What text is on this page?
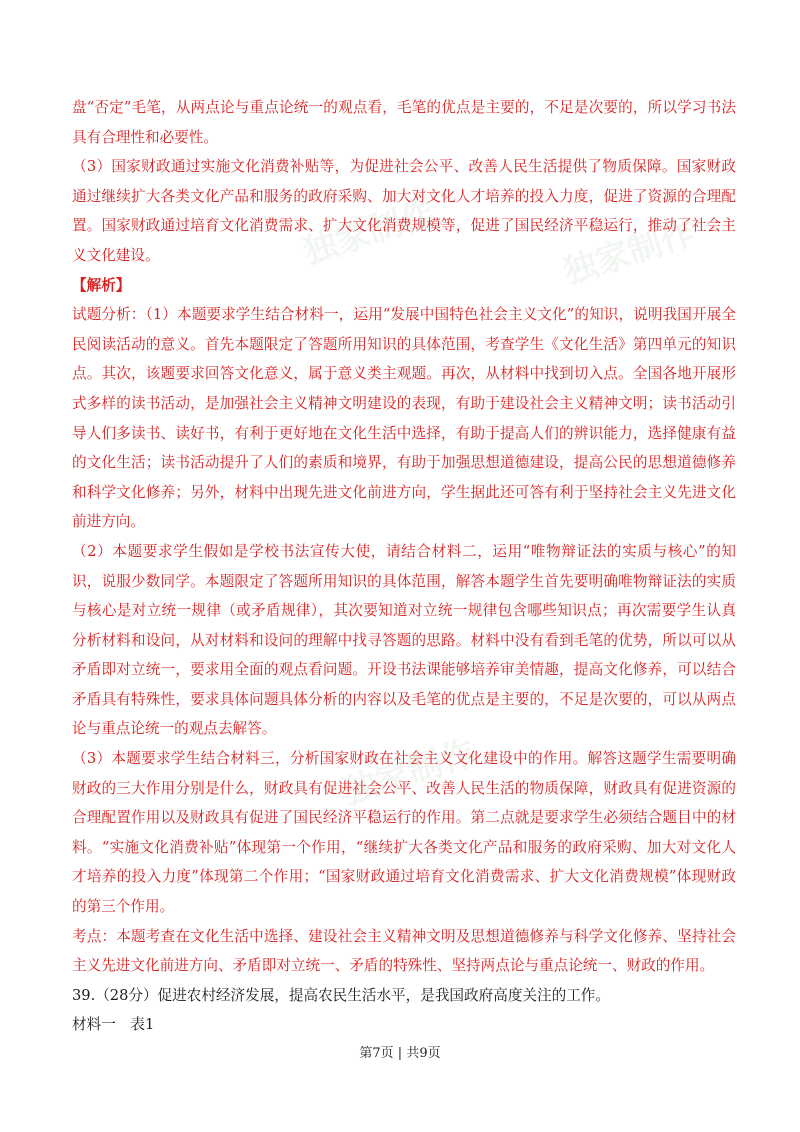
独家制作	独家制作
独家制作

盘“否定”毛笔，从两点论与重点论统一的观点看，毛笔的优点是主要的，不足是次要的，所以学习书法具有合理性和必要性。

（3）国家财政通过实施文化消费补贴等，为促进社会公平、改善人民生活提供了物质保障。国家财政通过继续扩大各类文化产品和服务的政府采购、加大对文化人才培养的投入力度，促进了资源的合理配置。国家财政通过培育文化消费需求、扩大文化消费规模等，促进了国民经济平稳运行，推动了社会主义文化建设。

【解析】

试题分析：（1）本题要求学生结合材料一，运用“发展中国特色社会主义文化”的知识，说明我国开展全民阅读活动的意义。首先本题限定了答题所用知识的具体范围，考查学生《文化生活》第四单元的知识点。其次，该题要求回答文化意义，属于意义类主观题。再次，从材料中找到切入点。全国各地开展形式多样的读书活动，是加强社会主义精神文明建设的表现，有助于建设社会主义精神文明；读书活动引导人们多读书、读好书，有利于更好地在文化生活中选择，有助于提高人们的辨识能力，选择健康有益的文化生活；读书活动提升了人们的素质和境界，有助于加强思想道德建设，提高公民的思想道德修养和科学文化修养；另外，材料中出现先进文化前进方向，学生据此还可答有利于坚持社会主义先进文化前进方向。

（2）本题要求学生假如是学校书法宣传大使，请结合材料二，运用“唯物辩证法的实质与核心”的知识，说服少数同学。本题限定了答题所用知识的具体范围，解答本题学生首先要明确唯物辩证法的实质与核心是对立统一规律（或矛盾规律），其次要知道对立统一规律包含哪些知识点；再次需要学生认真分析材料和设问，从对材料和设问的理解中找寻答题的思路。材料中没有看到毛笔的优势，所以可以从矛盾即对立统一，要求用全面的观点看问题。开设书法课能够培养审美情趣，提高文化修养，可以结合矛盾具有特殊性，要求具体问题具体分析的内容以及毛笔的优点是主要的，不足是次要的，可以从两点论与重点论统一的观点去解答。

（3）本题要求学生结合材料三，分析国家财政在社会主义文化建设中的作用。解答这题学生需要明确财政的三大作用分别是什么，财政具有促进社会公平、改善人民生活的物质保障，财政具有促进资源的合理配置作用以及财政具有促进了国民经济平稳运行的作用。第二点就是要求学生必须结合题目中的材料。“实施文化消费补贴”体现第一个作用，“继续扩大各类文化产品和服务的政府采购、加大对文化人才培养的投入力度”体现第二个作用；“国家财政通过培育文化消费需求、扩大文化消费规模”体现财政的第三个作用。

考点：本题考查在文化生活中选择、建设社会主义精神文明及思想道德修养与科学文化修养、坚持社会主义先进文化前进方向、矛盾即对立统一、矛盾的特殊性、坚持两点论与重点论统一、财政的作用。

39.（28分）促进农村经济发展，提高农民生活水平，是我国政府高度关注的工作。

材料一　表1

第7页 | 共9页
